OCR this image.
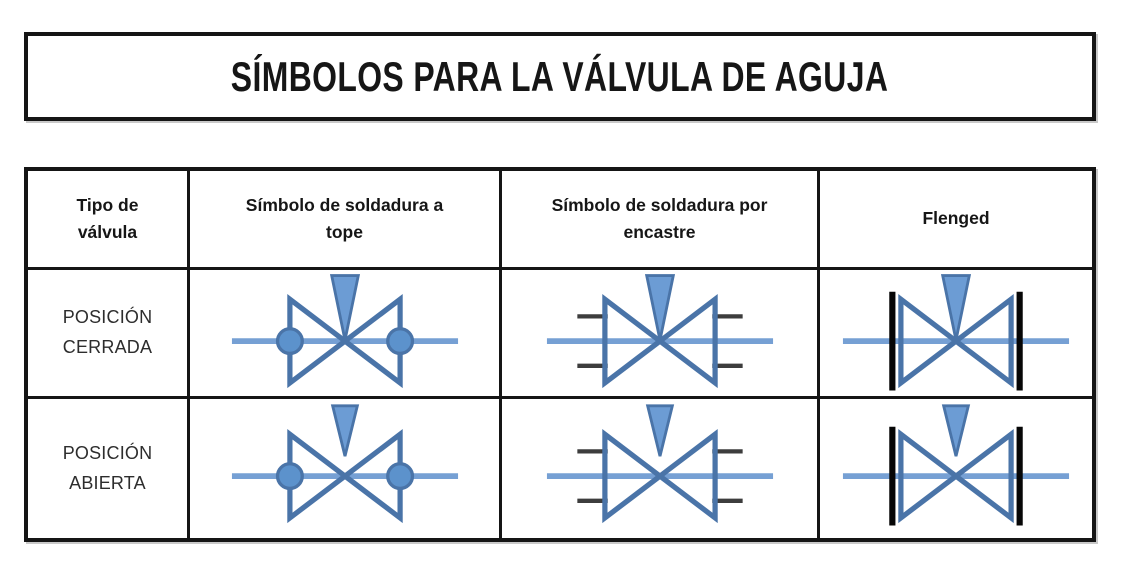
SÍMBOLOS PARA LA VÁLVULA DE AGUJA
Tipo de válvula
Símbolo de soldadura a tope
Símbolo de soldadura por encastre
Flenged
POSICIÓN CERRADA
POSICIÓN ABIERTA
